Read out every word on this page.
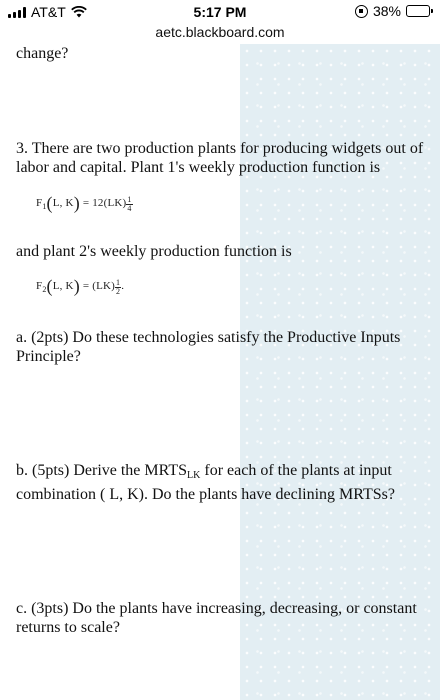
AT&T	5:17 PM	38%
aetc.blackboard.com

change?

3. There are two production plants for producing widgets out of labor and capital. Plant 1's weekly production function is

$F_1(L$, $K) = 12(LK) \frac{1}{4}$

and plant 2's weekly production function is

$F_2(L$, $K) = (LK) \frac{1}{2}$ .

a. (2pts) Do these technologies satisfy the Productive Inputs Principle?

b. (5pts) Derive the $MRTS_{LK}$ for each of the plants at input combination ( L, K). Do the plants have declining MRTSs?

c. (3pts) Do the plants have increasing, decreasing, or constant returns to scale?
